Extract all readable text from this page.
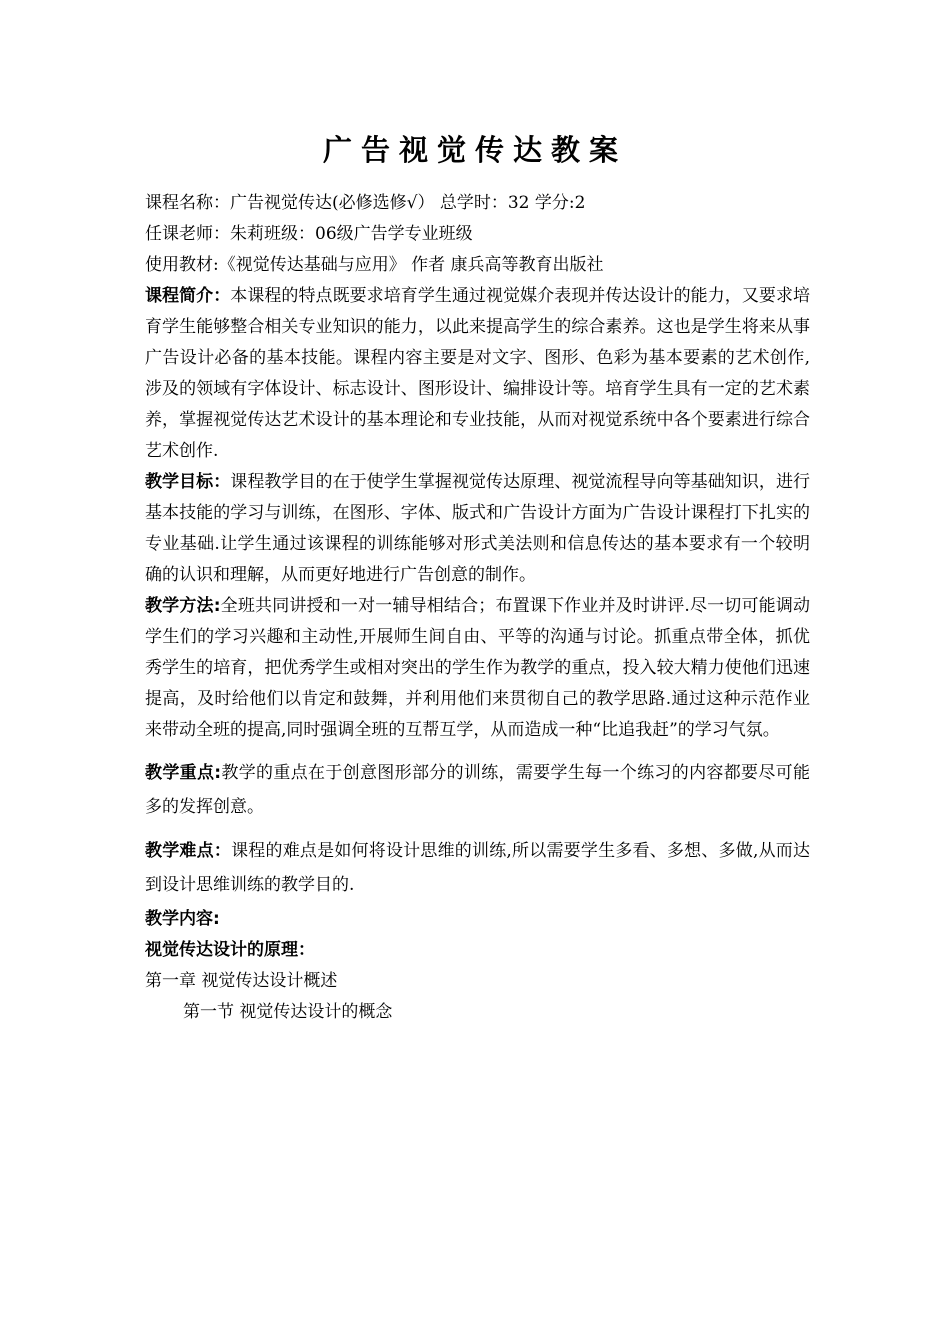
广告视觉传达教案
课程名称：广告视觉传达(必修选修√） 总学时：32 学分:2
任课老师：朱莉班级：06级广告学专业班级
使用教材:《视觉传达基础与应用》 作者 康兵高等教育出版社

课程简介：本课程的特点既要求培育学生通过视觉媒介表现并传达设计的能力，又要求培育学生能够整合相关专业知识的能力，以此来提高学生的综合素养。这也是学生将来从事广告设计必备的基本技能。课程内容主要是对文字、图形、色彩为基本要素的艺术创作,涉及的领域有字体设计、标志设计、图形设计、编排设计等。培育学生具有一定的艺术素养，掌握视觉传达艺术设计的基本理论和专业技能，从而对视觉系统中各个要素进行综合艺术创作.

教学目标：课程教学目的在于使学生掌握视觉传达原理、视觉流程导向等基础知识，进行基本技能的学习与训练，在图形、字体、版式和广告设计方面为广告设计课程打下扎实的专业基础.让学生通过该课程的训练能够对形式美法则和信息传达的基本要求有一个较明确的认识和理解，从而更好地进行广告创意的制作。

教学方法:全班共同讲授和一对一辅导相结合；布置课下作业并及时讲评.尽一切可能调动学生们的学习兴趣和主动性,开展师生间自由、平等的沟通与讨论。抓重点带全体，抓优秀学生的培育，把优秀学生或相对突出的学生作为教学的重点，投入较大精力使他们迅速提高，及时给他们以肯定和鼓舞，并利用他们来贯彻自己的教学思路.通过这种示范作业来带动全班的提高,同时强调全班的互帮互学，从而造成一种“比追我赶”的学习气氛。

教学重点:教学的重点在于创意图形部分的训练，需要学生每一个练习的内容都要尽可能多的发挥创意。

教学难点：课程的难点是如何将设计思维的训练,所以需要学生多看、多想、多做,从而达到设计思维训练的教学目的.

教学内容:
视觉传达设计的原理：
第一章 视觉传达设计概述
第一节 视觉传达设计的概念
